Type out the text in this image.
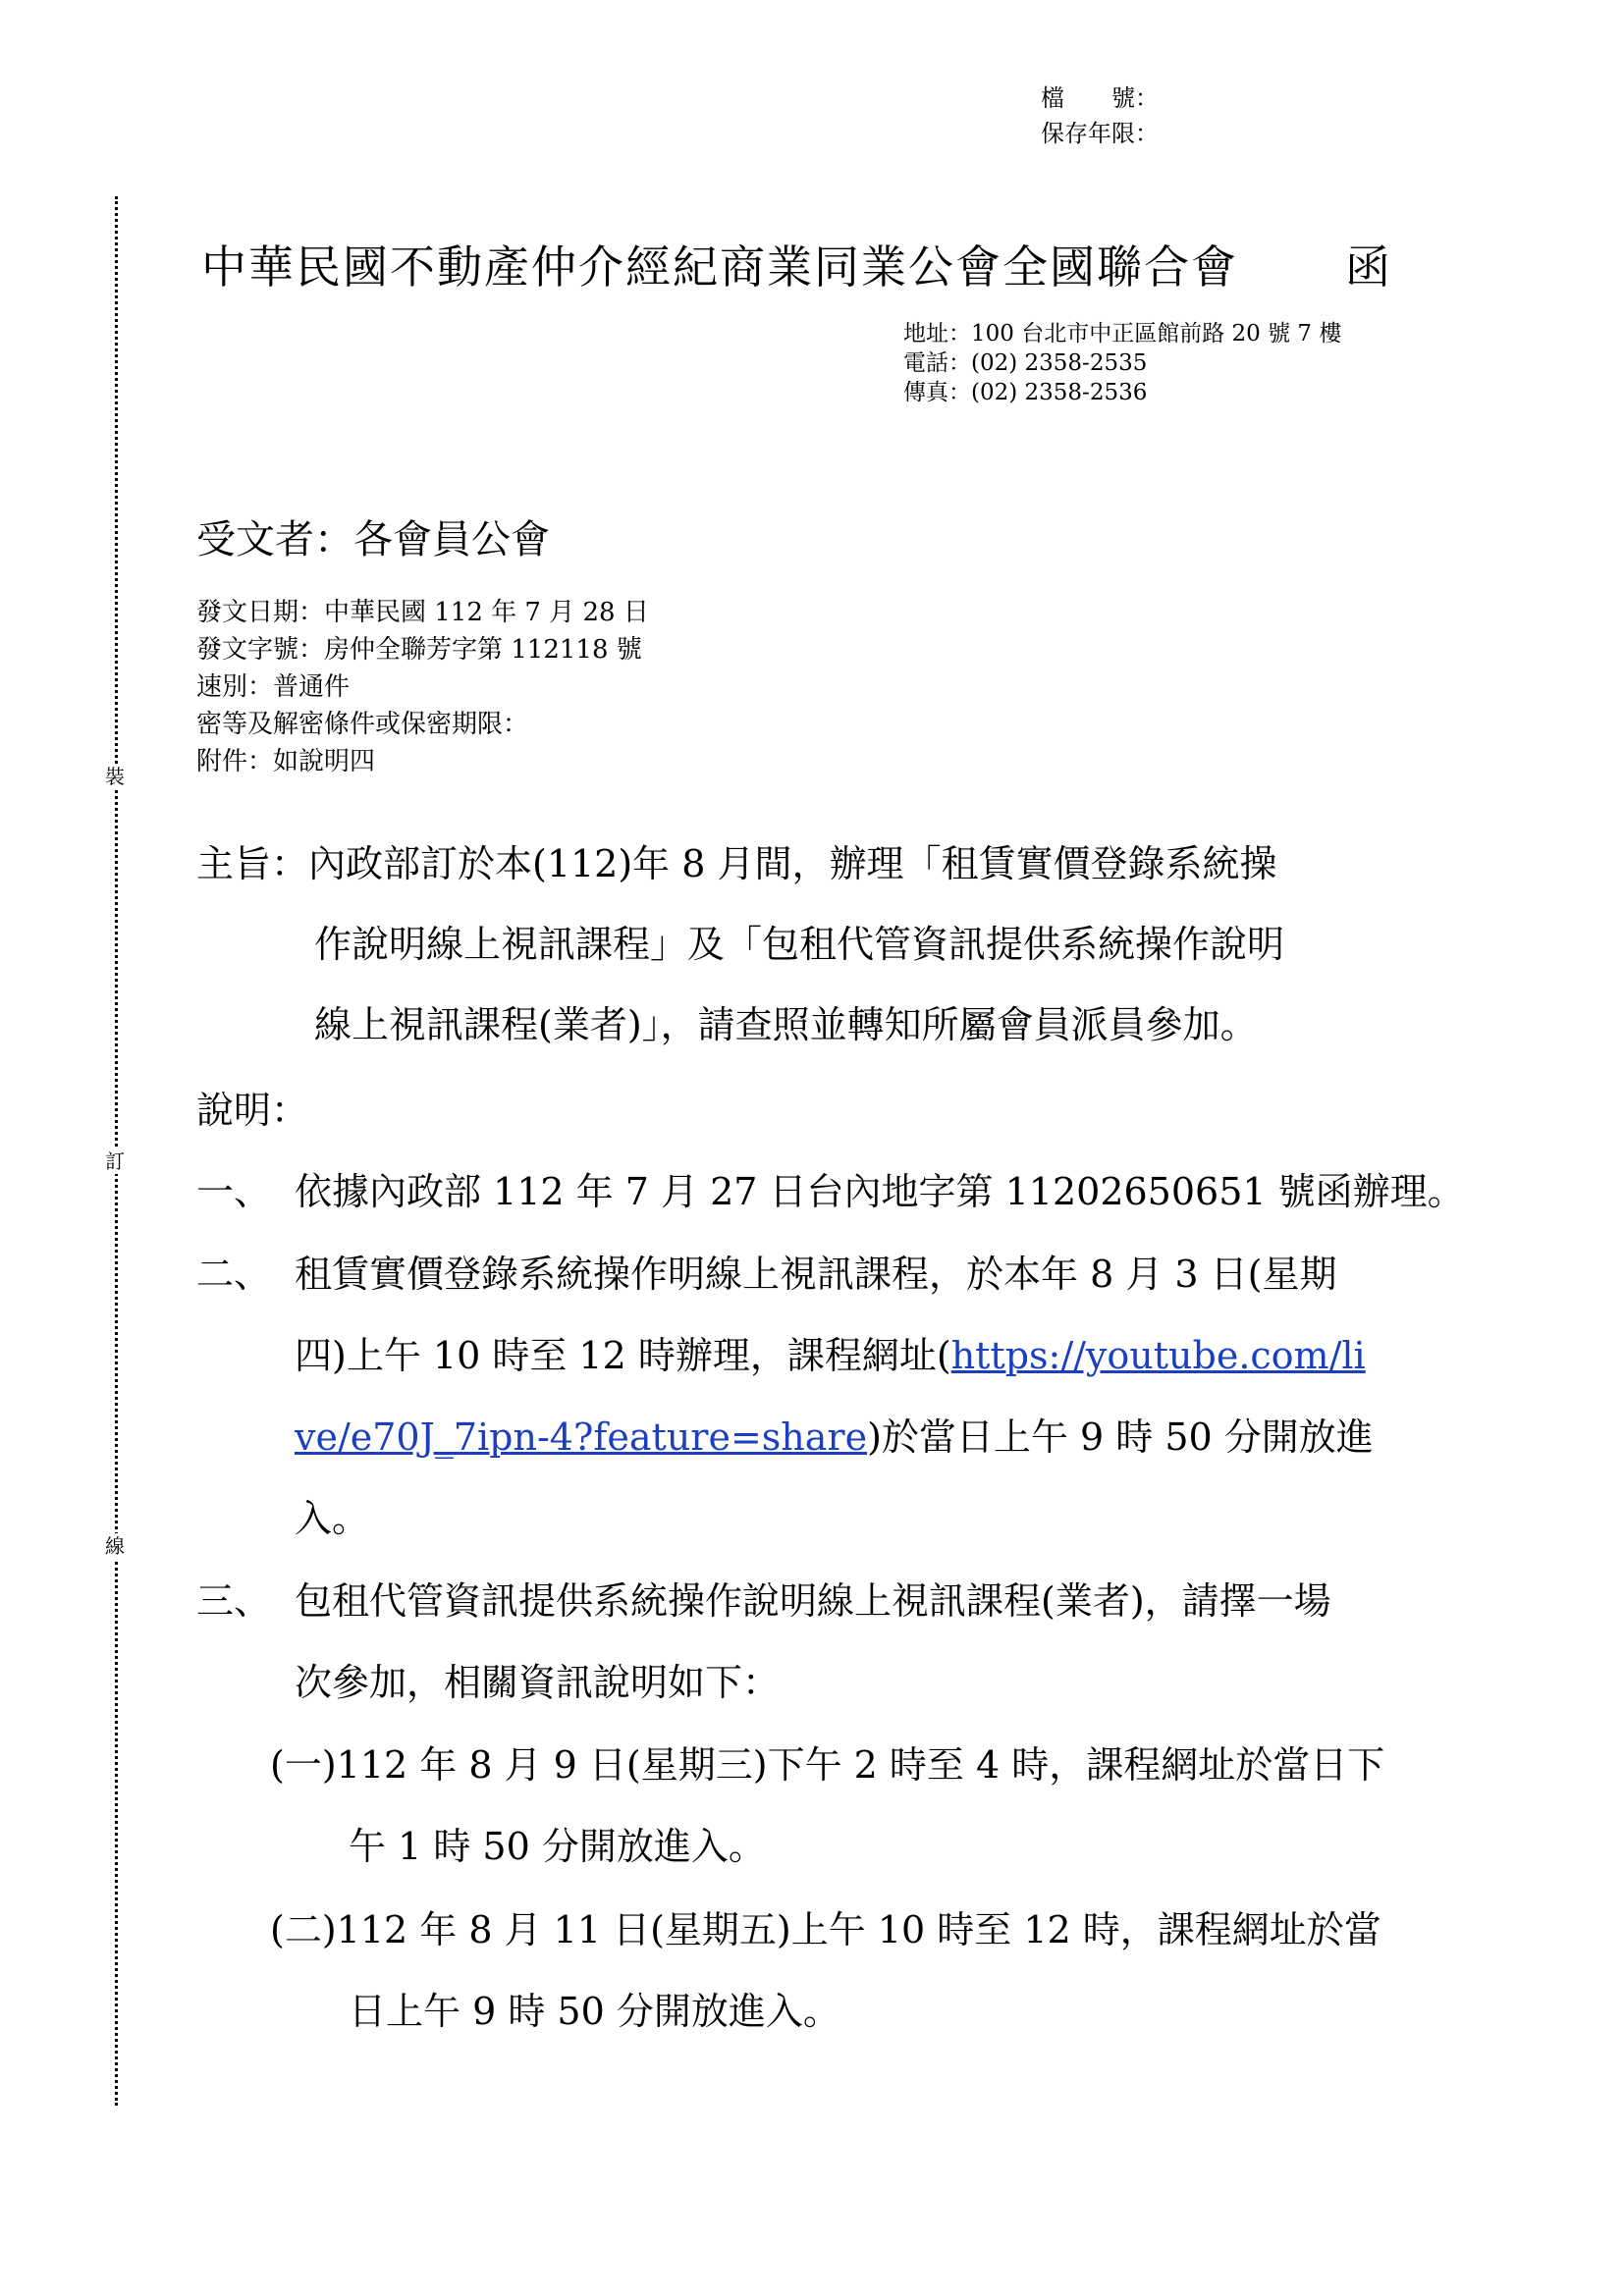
檔　　號：
保存年限：
裝
訂
線
中華民國不動產仲介經紀商業同業公會全國聯合會 函
地址：100 台北市中正區館前路 20 號 7 樓
電話：(02) 2358-2535
傳真：(02) 2358-2536
受文者：各會員公會
發文日期：中華民國 112 年 7 月 28 日
發文字號：房仲全聯芳字第 112118 號
速別：普通件
密等及解密條件或保密期限：
附件：如說明四
主旨：內政部訂於本(112)年 8 月間，辦理「租賃實價登錄系統操
作說明線上視訊課程」及「包租代管資訊提供系統操作說明
線上視訊課程(業者)」，請查照並轉知所屬會員派員參加。
說明：
一、 依據內政部 112 年 7 月 27 日台內地字第 11202650651 號函辦理。
二、 租賃實價登錄系統操作明線上視訊課程，於本年 8 月 3 日(星期
四)上午 10 時至 12 時辦理，課程網址(https://youtube.com/li
ve/e70J_7ipn-4?feature=share)於當日上午 9 時 50 分開放進
入。
三、 包租代管資訊提供系統操作說明線上視訊課程(業者)，請擇一場
次參加，相關資訊說明如下：
(一)112 年 8 月 9 日(星期三)下午 2 時至 4 時，課程網址於當日下
午 1 時 50 分開放進入。
(二)112 年 8 月 11 日(星期五)上午 10 時至 12 時，課程網址於當
日上午 9 時 50 分開放進入。
